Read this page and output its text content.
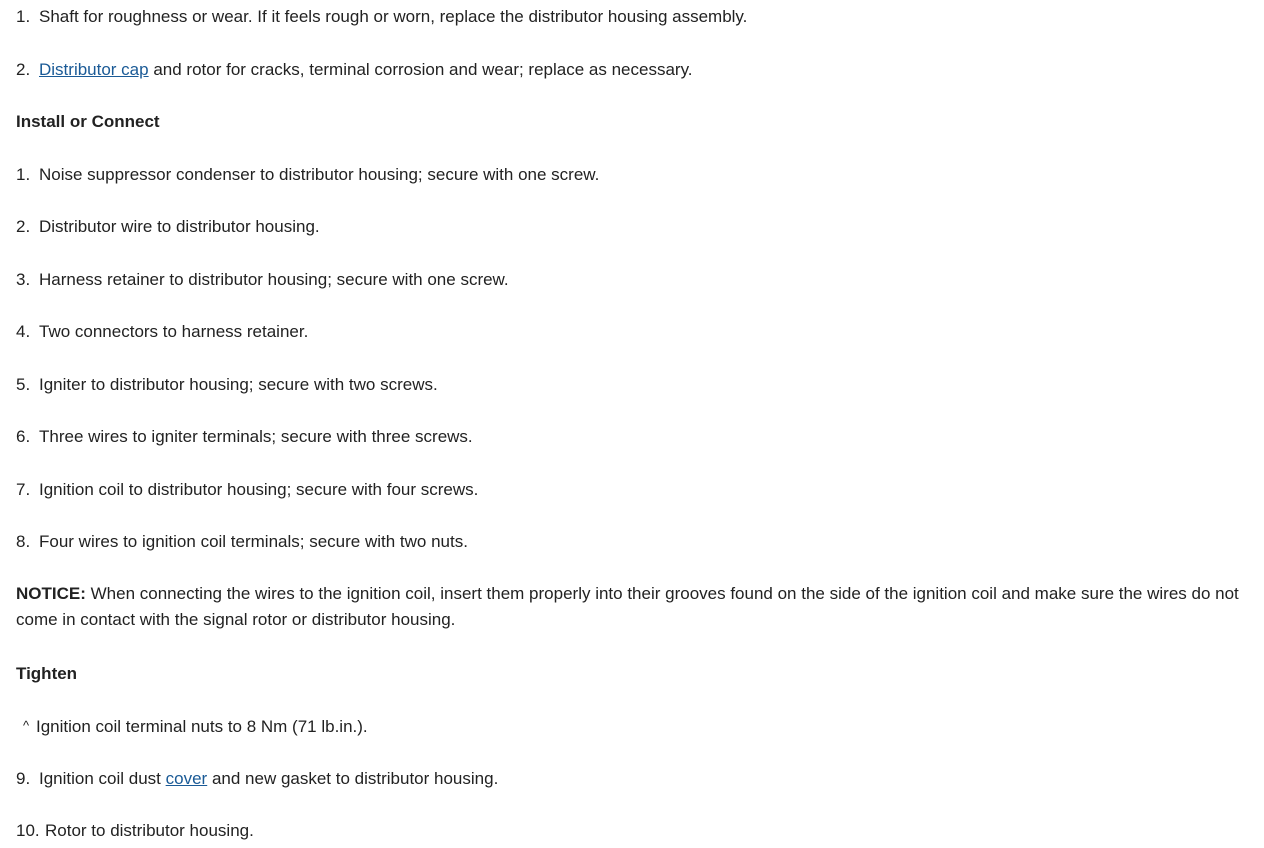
1. Shaft for roughness or wear. If it feels rough or worn, replace the distributor housing assembly.
2. Distributor cap and rotor for cracks, terminal corrosion and wear; replace as necessary.
Install or Connect
1. Noise suppressor condenser to distributor housing; secure with one screw.
2. Distributor wire to distributor housing.
3. Harness retainer to distributor housing; secure with one screw.
4. Two connectors to harness retainer.
5. Igniter to distributor housing; secure with two screws.
6. Three wires to igniter terminals; secure with three screws.
7. Ignition coil to distributor housing; secure with four screws.
8. Four wires to ignition coil terminals; secure with two nuts.
NOTICE: When connecting the wires to the ignition coil, insert them properly into their grooves found on the side of the ignition coil and make sure the wires do not come in contact with the signal rotor or distributor housing.
Tighten
^ Ignition coil terminal nuts to 8 Nm (71 lb.in.).
9. Ignition coil dust cover and new gasket to distributor housing.
10. Rotor to distributor housing.
